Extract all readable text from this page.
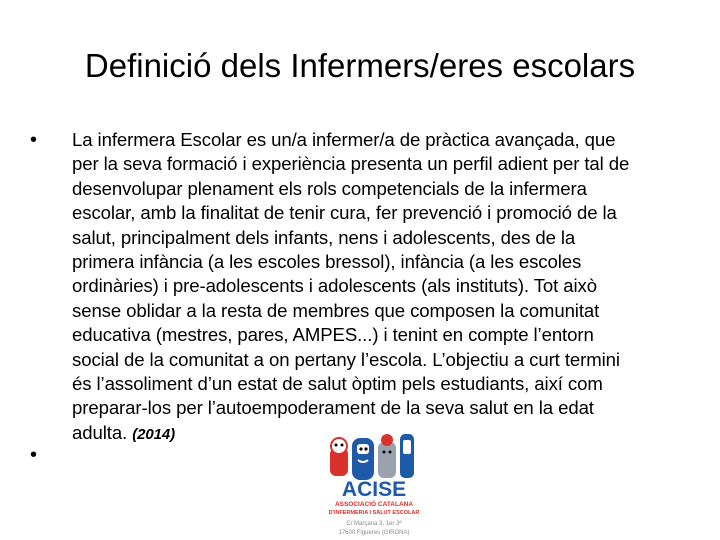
Definició dels Infermers/eres escolars
•
•
La infermera Escolar es un/a infermer/a de pràctica avançada, que
per la seva formació i experiència presenta un perfil adient per tal de
desenvolupar plenament els rols competencials de la infermera
escolar, amb la finalitat de tenir cura, fer prevenció i promoció de la
salut, principalment dels infants, nens i adolescents, des de la
primera infància (a les escoles bressol), infància (a les escoles
ordinàries) i pre-adolescents i adolescents (als instituts). Tot això
sense oblidar a la resta de membres que composen la comunitat
educativa (mestres, pares, AMPES...) i tenint en compte l’entorn
social de la comunitat a on pertany l’escola. L’objectiu a curt termini
és l’assoliment d’un estat de salut òptim pels estudiants, així com
preparar-los per l’autoempoderament de la seva salut en la edat
adulta. (2014)
ACISE
ASSOCIACIÓ CATALANA
D'INFERMERIA I SALUT ESCOLAR
C/ Marçana 3, 1er 3ª
17600 Figueres (GIRONA)
